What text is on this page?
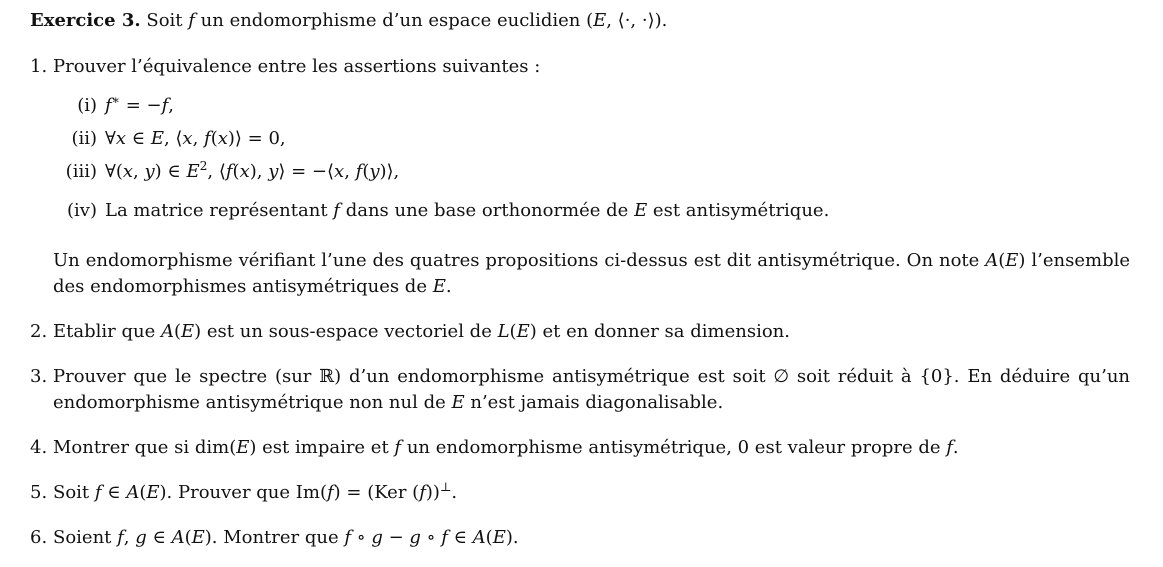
Exercice 3. Soit f un endomorphisme d’un espace euclidien (E, ⟨·, ·⟩).

1. Prouver l’équivalence entre les assertions suivantes :
(i) f∗ = −f,
(ii) ∀x ∈ E, ⟨x, f(x)⟩ = 0,
(iii) ∀(x, y) ∈ $E^2$, ⟨f(x), y⟩ = −⟨x, f(y)⟩,
(iv) La matrice représentant f dans une base orthonormée de E est antisymétrique.

Un endomorphisme vérifiant l’une des quatres propositions ci-dessus est dit antisymétrique. On note A(E) l’ensemble des endomorphismes antisymétriques de E.

2. Etablir que A(E) est un sous-espace vectoriel de L(E) et en donner sa dimension.
3. Prouver que le spectre (sur ℝ) d’un endomorphisme antisymétrique est soit ∅ soit réduit à {0}. En déduire qu’un endomorphisme antisymétrique non nul de E n’est jamais diagonalisable.
4. Montrer que si dim(E) est impaire et f un endomorphisme antisymétrique, 0 est valeur propre de f.
5. Soit f ∈ A(E). Prouver que Im(f) = (Ker (f))⊥.
6. Soient f, g ∈ A(E). Montrer que f ∘ g − g ∘ f ∈ A(E).
